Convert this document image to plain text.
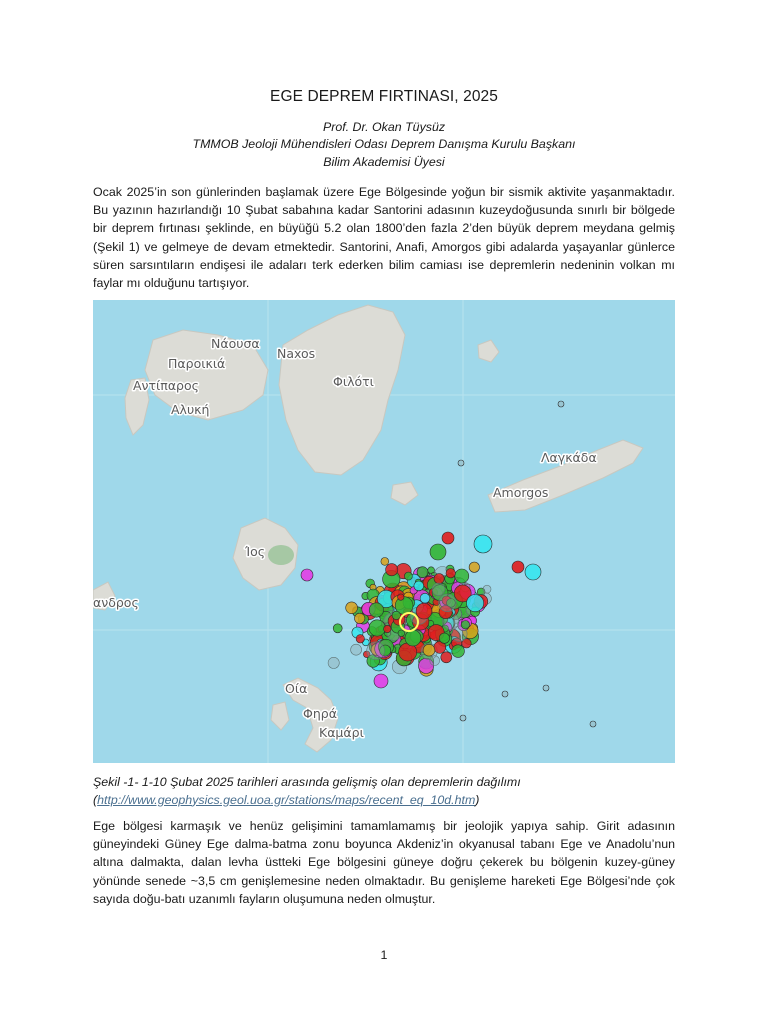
EGE DEPREM FIRTINASI, 2025
Prof. Dr. Okan Tüysüz
TMMOB Jeoloji Mühendisleri Odası Deprem Danışma Kurulu Başkanı
Bilim Akademisi Üyesi

Ocak 2025’in son günlerinden başlamak üzere Ege Bölgesinde yoğun bir sismik aktivite yaşanmaktadır. Bu yazının hazırlandığı 10 Şubat sabahına kadar Santorini adasının kuzeydoğusunda sınırlı bir bölgede bir deprem fırtınası şeklinde, en büyüğü 5.2 olan 1800’den fazla 2’den büyük deprem meydana gelmiş (Şekil 1) ve gelmeye de devam etmektedir. Santorini, Anafi, Amorgos gibi adalarda yaşayanlar günlerce süren sarsıntıların endişesi ile adaları terk ederken bilim camiası ise depremlerin nedeninin volkan mı faylar mı olduğunu tartışıyor.

Νάουσα
Παροικιά
Αντίπαρος
Αλυκή
Naxos
Φιλότι
Λαγκάδα
Amorgos
Ίος
ανδρος
Οία
Φηρά
Καμάρι
Şekil -1- 1-10 Şubat 2025 tarihleri arasında gelişmiş olan depremlerin dağılımı
(http://www.geophysics.geol.uoa.gr/stations/maps/recent_eq_10d.htm)

Ege bölgesi karmaşık ve henüz gelişimini tamamlamamış bir jeolojik yapıya sahip. Girit adasının güneyindeki Güney Ege dalma-batma zonu boyunca Akdeniz’in okyanusal tabanı Ege ve Anadolu’nun altına dalmakta, dalan levha üstteki Ege bölgesini güneye doğru çekerek bu bölgenin kuzey-güney yönünde senede ~3,5 cm genişlemesine neden olmaktadır. Bu genişleme hareketi Ege Bölgesi’nde çok sayıda doğu-batı uzanımlı fayların oluşumuna neden olmuştur.

1
